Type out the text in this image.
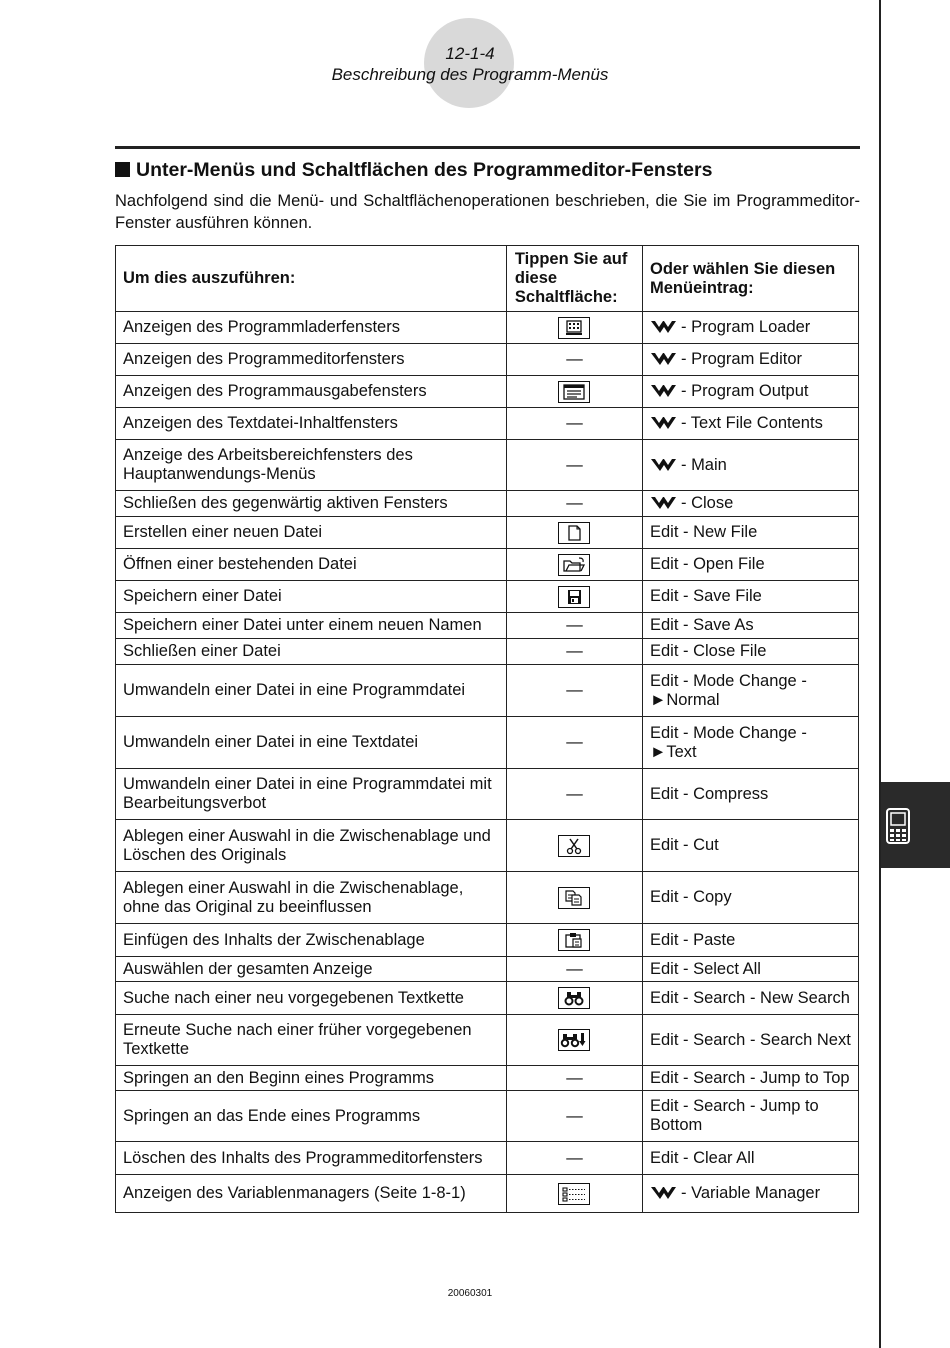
12-1-4
Beschreibung des Programm-Menüs
Unter-Menüs und Schaltflächen des Programmeditor-Fensters
Nachfolgend sind die Menü- und Schaltflächenoperationen beschrieben, die Sie im Programmeditor-Fenster ausführen können.
Um dies auszuführen:	Tippen Sie auf diese Schaltfläche:	Oder wählen Sie diesen Menüeintrag:
Anzeigen des Programmladerfensters		- Program Loader
Anzeigen des Programmeditorfensters	—	- Program Editor
Anzeigen des Programmausgabefensters		- Program Output
Anzeigen des Textdatei-Inhaltfensters	—	- Text File Contents
Anzeige des Arbeitsbereichfensters des Hauptanwendungs-Menüs	—	- Main
Schließen des gegenwärtig aktiven Fensters	—	- Close
Erstellen einer neuen Datei		Edit - New File
Öffnen einer bestehenden Datei		Edit - Open File
Speichern einer Datei		Edit - Save File
Speichern einer Datei unter einem neuen Namen	—	Edit - Save As
Schließen einer Datei	—	Edit - Close File
Umwandeln einer Datei in eine Programmdatei	—	Edit - Mode Change - ►Normal
Umwandeln einer Datei in eine Textdatei	—	Edit - Mode Change - ►Text
Umwandeln einer Datei in eine Programmdatei mit Bearbeitungsverbot	—	Edit - Compress
Ablegen einer Auswahl in die Zwischenablage und Löschen des Originals		Edit - Cut
Ablegen einer Auswahl in die Zwischenablage, ohne das Original zu beeinflussen		Edit - Copy
Einfügen des Inhalts der Zwischenablage		Edit - Paste
Auswählen der gesamten Anzeige	—	Edit - Select All
Suche nach einer neu vorgegebenen Textkette		Edit - Search - New Search
Erneute Suche nach einer früher vorgegebenen Textkette		Edit - Search - Search Next
Springen an den Beginn eines Programms	—	Edit - Search - Jump to Top
Springen an das Ende eines Programms	—	Edit - Search - Jump to Bottom
Löschen des Inhalts des Programmeditorfensters	—	Edit - Clear All
Anzeigen des Variablenmanagers (Seite 1-8-1)		- Variable Manager
20060301
